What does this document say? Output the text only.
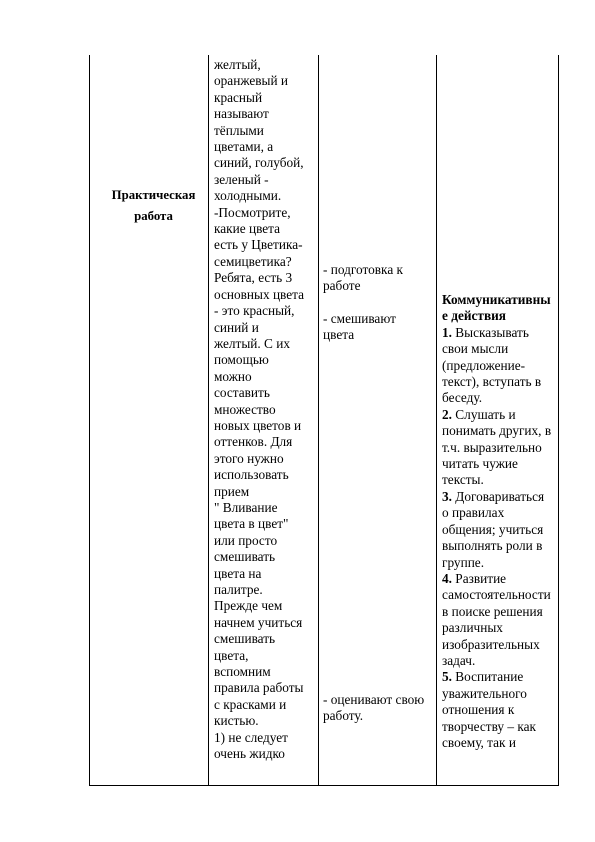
Практическая
работа
желтый,
оранжевый и
красный
называют
тёплыми
цветами, а
синий, голубой,
зеленый -
холодными.
-Посмотрите,
какие цвета
есть у Цветика-
семицветика?
Ребята, есть 3
основных цвета
- это красный,
синий и
желтый. С их
помощью
можно
составить
множество
новых цветов и
оттенков. Для
этого нужно
использовать
прием
" Вливание
цвета в цвет"
или просто
смешивать
цвета на
палитре.
Прежде чем
начнем учиться
смешивать
цвета,
вспомним
правила работы
с красками и
кистью.
1) не следует
очень жидко
- подготовка к
работе
- смешивают
цвета
- оценивают свою
работу.
Коммуникативны
е действия
1. Высказывать
свои мысли
(предложение-
текст), вступать в
беседу.
2. Слушать и
понимать других, в
т.ч. выразительно
читать чужие
тексты.
3. Договариваться
о правилах
общения; учиться
выполнять роли в
группе.
4. Развитие
самостоятельности
в поиске решения
различных
изобразительных
задач.
5. Воспитание
уважительного
отношения к
творчеству – как
своему, так и
